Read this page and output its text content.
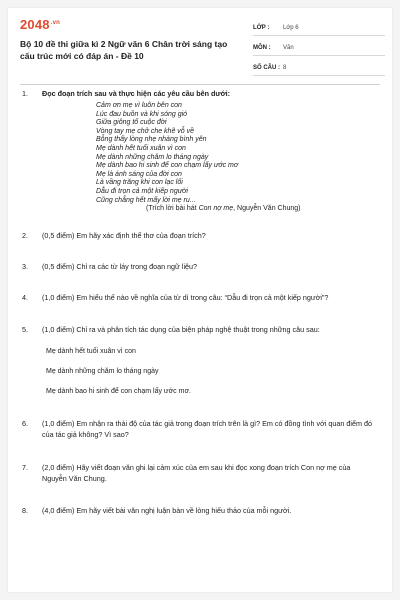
$2048^{.vn}$
Bộ 10 đề thi giữa kì 2 Ngữ văn 6 Chân trời sáng tạo cấu trúc mới có đáp án - Đề 10
LỚP :	Lớp 6
MÔN :	Văn
SỐ CÂU : 8
1. Đọc đoạn trích sau và thực hiện các yêu cầu bên dưới:
Cảm ơn mẹ vì luôn bên con
Lúc đau buồn và khi sóng gió
Giữa giông tố cuộc đời
Vòng tay mẹ chở che khẽ vỗ về
Bỗng thấy lòng nhẹ nhàng bình yên
Mẹ dành hết tuổi xuân vì con
Mẹ dành những chăm lo tháng ngày
Mẹ dành bao hi sinh để con chạm lấy ước mơ
Mẹ là ánh sáng của đời con
Là vầng trăng khi con lạc lối
Dẫu đi trọn cả một kiếp người
Cũng chẳng hết mấy lời mẹ ru...
(Trích lời bài hát Con nợ mẹ, Nguyễn Văn Chung)
2. (0,5 điểm) Em hãy xác định thể thơ của đoạn trích?
3. (0,5 điểm) Chỉ ra các từ láy trong đoạn ngữ liệu?
4. (1,0 điểm) Em hiểu thế nào về nghĩa của từ dì trong câu: “Dẫu đi trọn cả một kiếp người”?
5. (1,0 điểm) Chỉ ra và phân tích tác dụng của biện pháp nghệ thuật trong những câu sau:
Mẹ dành hết tuổi xuân vì con
Mẹ dành những chăm lo tháng ngày
Mẹ dành bao hi sinh để con chạm lấy ước mơ.
6. (1,0 điểm) Em nhận ra thái độ của tác giả trong đoạn trích trên là gì? Em có đồng tình với quan điểm đó của tác giả không? Vì sao?
7. (2,0 điểm) Hãy viết đoạn văn ghi lại cảm xúc của em sau khi đọc xong đoạn trích Con nợ mẹ của Nguyễn Văn Chung.
8. (4,0 điểm) Em hãy viết bài văn nghị luận bàn về lòng hiếu thảo của mỗi người.
